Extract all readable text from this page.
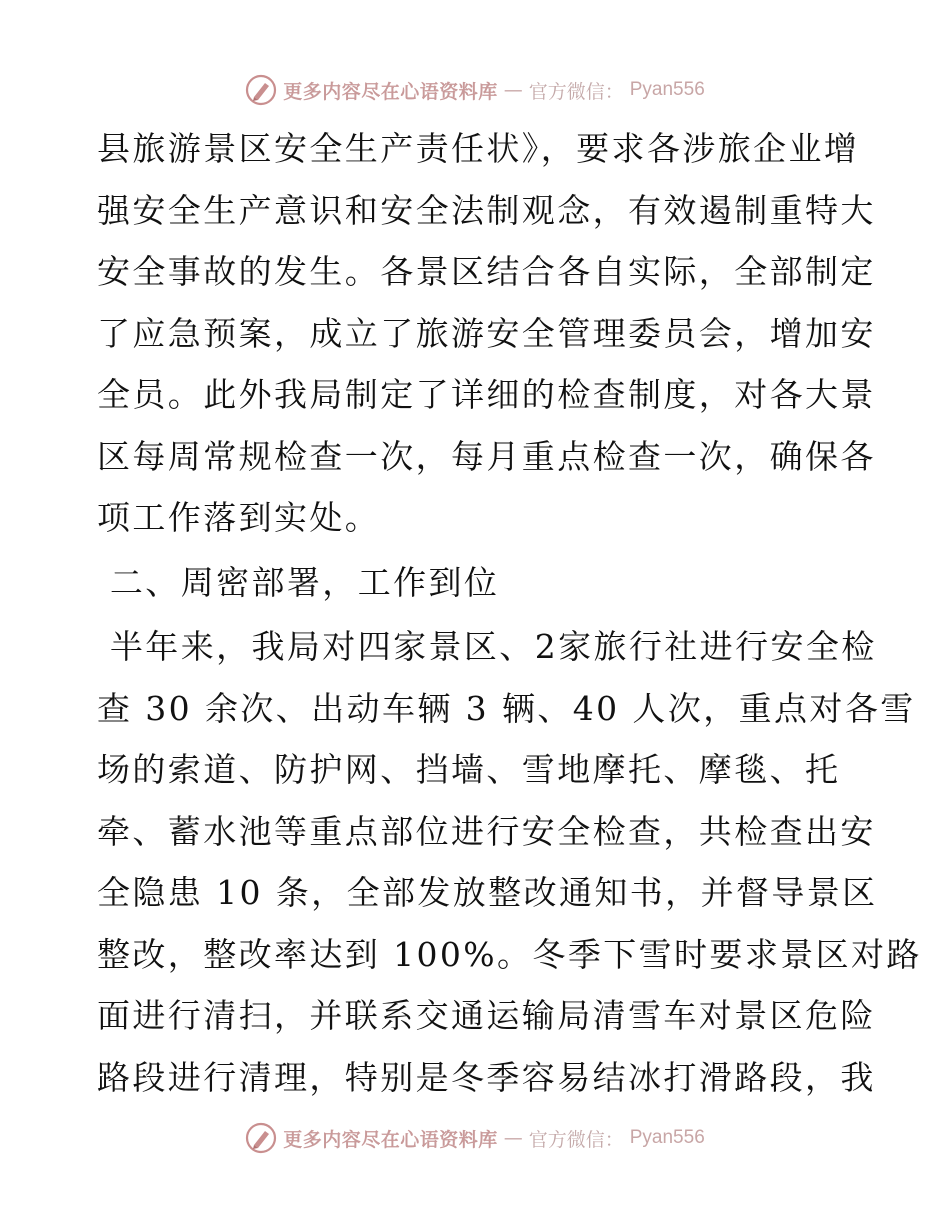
更多内容尽在心语资料库 — 官方微信： Pyan556
县旅游景区安全生产责任状》，要求各涉旅企业增
强安全生产意识和安全法制观念，有效遏制重特大
安全事故的发生。各景区结合各自实际，全部制定
了应急预案，成立了旅游安全管理委员会，增加安
全员。此外我局制定了详细的检查制度，对各大景
区每周常规检查一次，每月重点检查一次，确保各
项工作落到实处。
二、周密部署，工作到位
半年来，我局对四家景区、2家旅行社进行安全检
查 30 余次、出动车辆 3 辆、40 人次，重点对各雪
场的索道、防护网、挡墙、雪地摩托、摩毯、托
牵、蓄水池等重点部位进行安全检查，共检查出安
全隐患 10 条，全部发放整改通知书，并督导景区
整改，整改率达到 100%。冬季下雪时要求景区对路
面进行清扫，并联系交通运输局清雪车对景区危险
路段进行清理，特别是冬季容易结冰打滑路段，我
更多内容尽在心语资料库 — 官方微信： Pyan556
